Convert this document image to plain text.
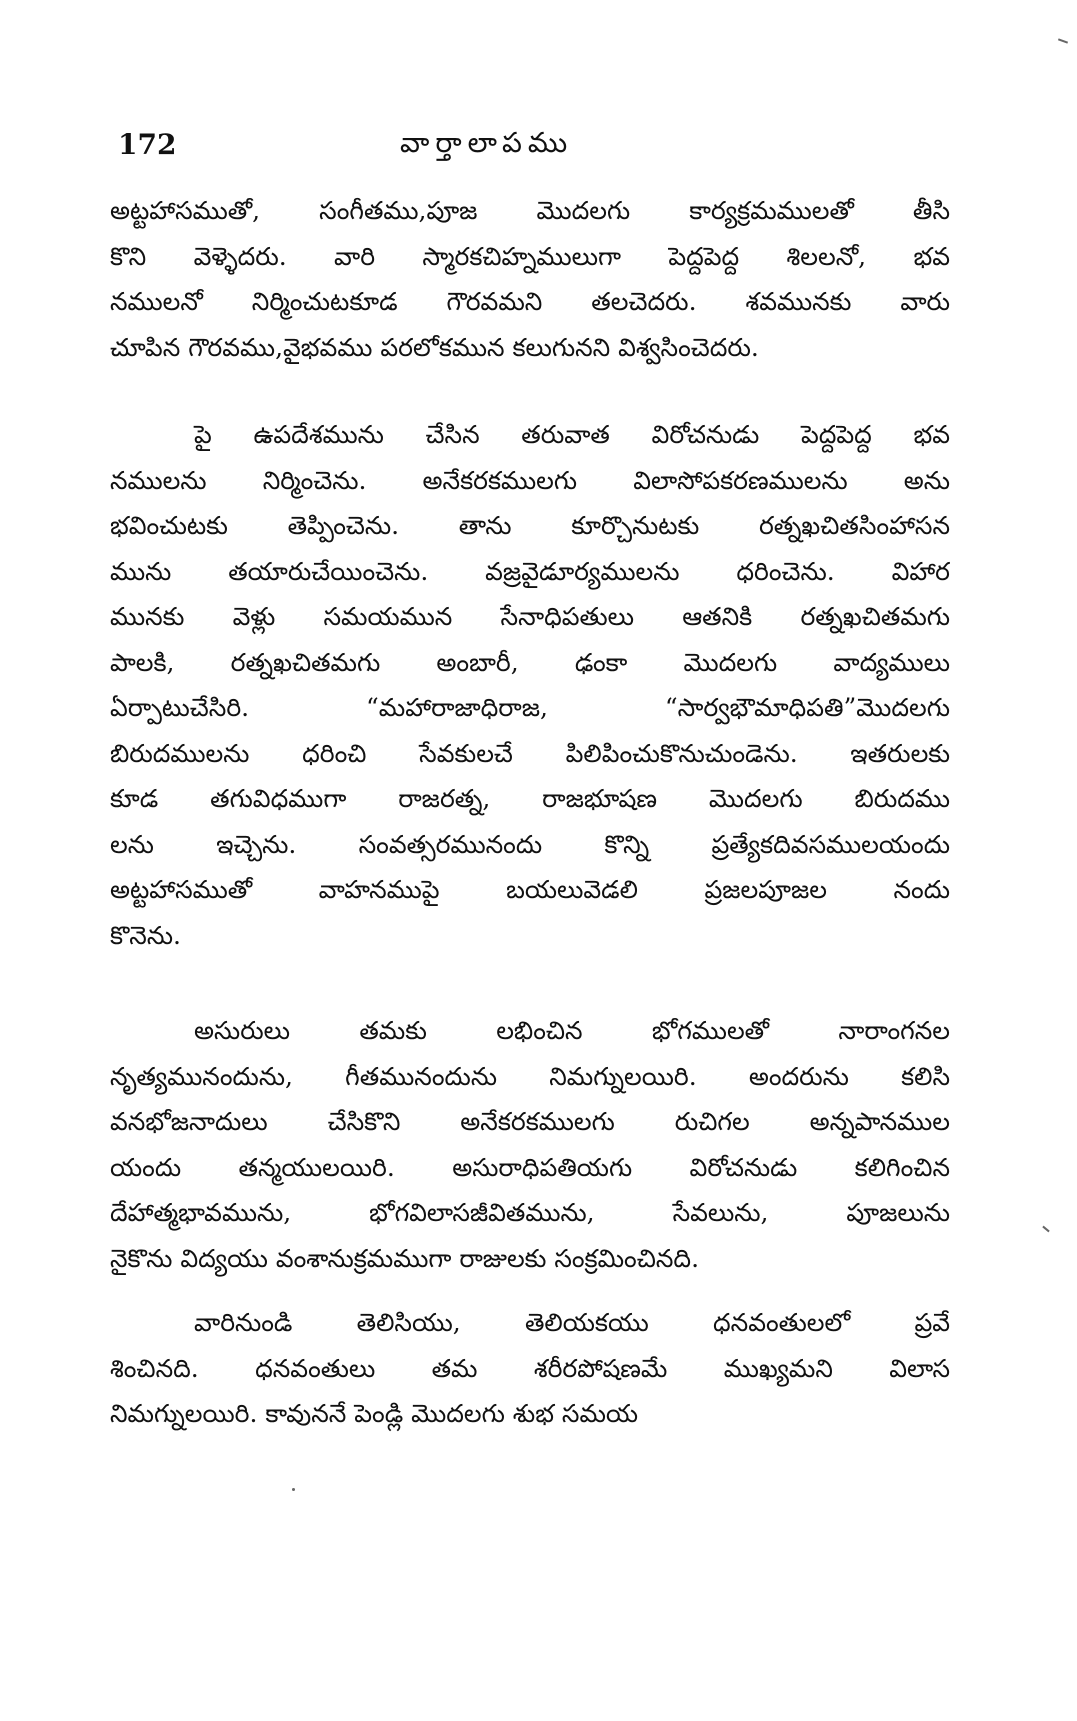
172	వార్తాలాపము
అట్టహాసముతో, సంగీతము,పూజ మొదలగు కార్యక్రమములతో తీసి
కొని వెళ్ళెదరు. వారి స్మారకచిహ్నములుగా పెద్దపెద్ద శిలలనో, భవ
నములనో నిర్మించుటకూడ గౌరవమని తలచెదరు. శవమునకు వారు
చూపిన గౌరవము,వైభవము పరలోకమున కలుగునని విశ్వసించెదరు.
పై ఉపదేశమును చేసిన తరువాత విరోచనుడు పెద్దపెద్ద భవ
నములను నిర్మించెను. అనేకరకములగు విలాసోపకరణములను అను
భవించుటకు తెప్పించెను. తాను కూర్చొనుటకు రత్నఖచితసింహాసన
మును తయారుచేయించెను. వజ్రవైడూర్యములను ధరించెను. విహార
మునకు వెళ్లు సమయమున సేనాధిపతులు ఆతనికి రత్నఖచితమగు
పాలకి, రత్నఖచితమగు అంబారీ, ఢంకా మొదలగు వాద్యములు
ఏర్పాటుచేసిరి. “మహారాజాధిరాజ, “సార్వభౌమాధిపతి”మొదలగు
బిరుదములను ధరించి సేవకులచే పిలిపించుకొనుచుండెను. ఇతరులకు
కూడ తగువిధముగా రాజరత్న, రాజభూషణ మొదలగు బిరుదము
లను ఇచ్చెను. సంవత్సరమునందు కొన్ని ప్రత్యేకదివసములయందు
అట్టహాసముతో వాహనముపై బయలువెడలి ప్రజలపూజల నందు
కొనెను.
అసురులు తమకు లభించిన భోగములతో నారాంగనల
నృత్యమునందును, గీతమునందును నిమగ్నులయిరి. అందరును కలిసి
వనభోజనాదులు చేసికొని అనేకరకములగు రుచిగల అన్నపానముల
యందు తన్మయులయిరి. అసురాధిపతియగు విరోచనుడు కలిగించిన
దేహాత్మభావమును, భోగవిలాసజీవితమును, సేవలును, పూజలును
నైకొను విద్యయు వంశానుక్రమముగా రాజులకు సంక్రమించినది.
వారినుండి తెలిసియు, తెలియకయు ధనవంతులలో ప్రవే
శించినది. ధనవంతులు తమ శరీరపోషణమే ముఖ్యమని విలాస
నిమగ్నులయిరి. కావుననే పెండ్లి మొదలగు శుభ సమయ
